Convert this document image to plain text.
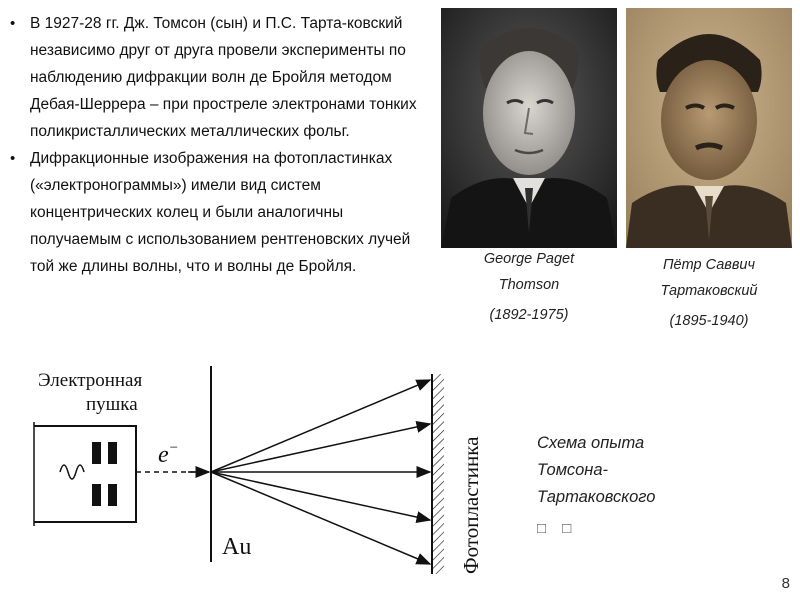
• В 1927-28 гг. Дж. Томсон (сын) и П.С. Тарта-ковский независимо друг от друга провели эксперименты по наблюдению дифракции волн де Бройля методом Дебая-Шеррера – при простреле электронами тонких поликристаллических металлических фольг.
• Дифракционные изображения на фотопластинках («электронограммы») имели вид систем концентрических колец и были аналогичны получаемым с использованием рентгеновских лучей той же длины волны, что и волны де Бройля.	George Paget
Thomson
(1892-1975)
Пётр Саввич
Тартаковский
(1895-1940)
Электронная
пушка
e−
Au	Фотопластинка	Схема опыта
Томсона-
Тартаковского
□ □
8
